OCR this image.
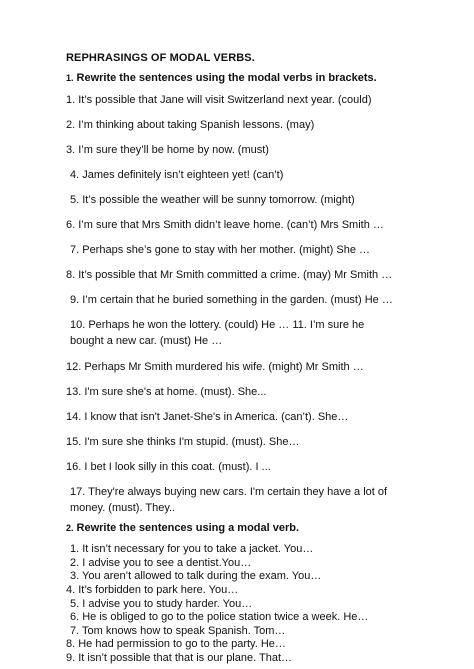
REPHRASINGS OF MODAL VERBS.
1. Rewrite the sentences using the modal verbs in brackets.
1. It’s possible that Jane will visit Switzerland next year. (could)
2. I’m thinking about taking Spanish lessons. (may)
3. I’m sure they’ll be home by now. (must)
4. James definitely isn’t eighteen yet! (can’t)
5. It’s possible the weather will be sunny tomorrow. (might)
6. I’m sure that Mrs Smith didn’t leave home. (can’t) Mrs Smith …
7. Perhaps she’s gone to stay with her mother. (might) She …
8. It’s possible that Mr Smith committed a crime. (may) Mr Smith …
9. I’m certain that he buried something in the garden. (must) He …
10. Perhaps he won the lottery. (could) He … 11. I’m sure he bought a new car. (must) He …
12. Perhaps Mr Smith murdered his wife. (might) Mr Smith …
13. I'm sure she's at home. (must). She...
14. I know that isn't Janet-She's in America. (can’t). She…
15. I'm sure she thinks I'm stupid. (must). She…
16. I bet I look silly in this coat. (must). I ...
17. They're always buying new cars. I'm certain they have a lot of money. (must). They..
2. Rewrite the sentences using a modal verb.
1. It isn’t necessary for you to take a jacket. You…
2. I advise you to see a dentist.You…
3. You aren’t allowed to talk during the exam. You…
4. It’s forbidden to park here. You…
5. I advise you to study harder. You…
6. He is obliged to go to the police station twice a week. He…
7. Tom knows how to speak Spanish. Tom…
8. He had permission to go to the party. He…
9. It isn’t possible that that is our plane. That…
